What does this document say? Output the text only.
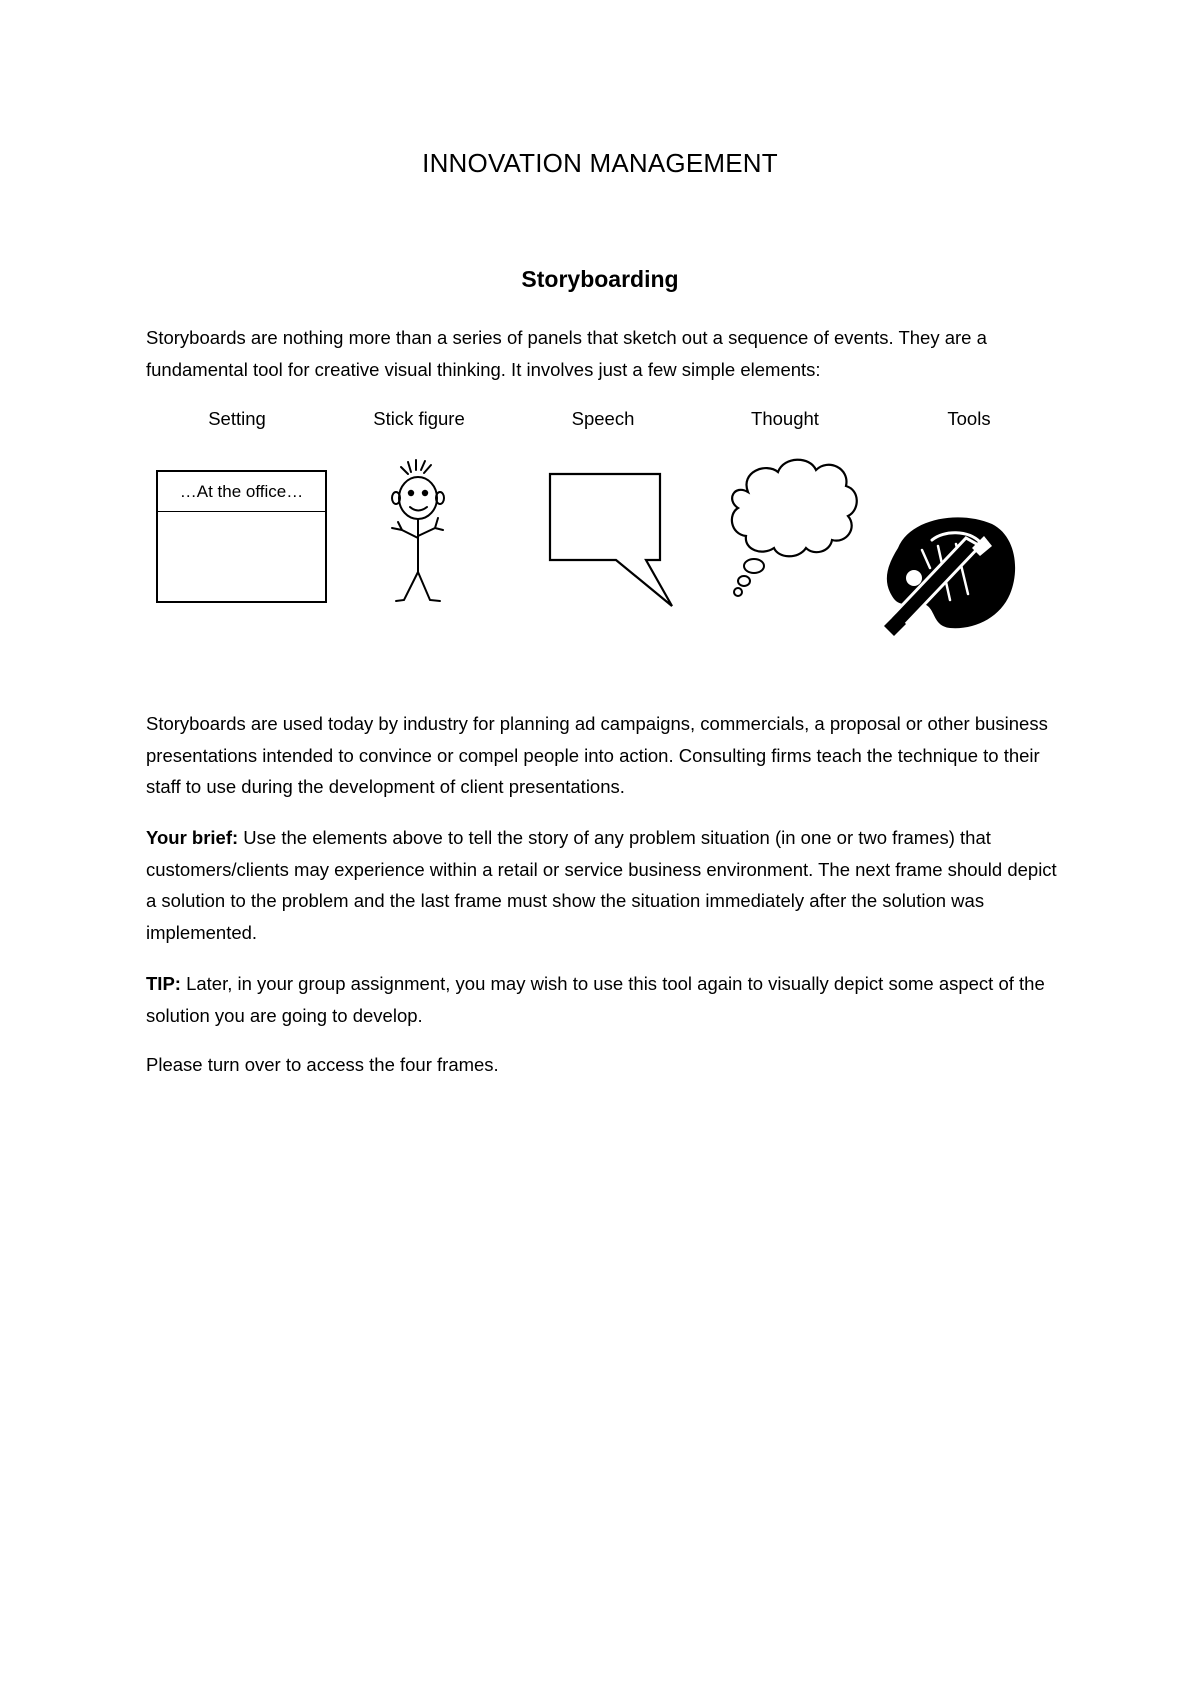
INNOVATION MANAGEMENT
Storyboarding

Storyboards are nothing more than a series of panels that sketch out a sequence of events. They are a fundamental tool for creative visual thinking. It involves just a few simple elements:

Setting	Stick figure	Speech	Thought	Tools
…At the office…

Storyboards are used today by industry for planning ad campaigns, commercials, a proposal or other business presentations intended to convince or compel people into action. Consulting firms teach the technique to their staff to use during the development of client presentations.

Your brief: Use the elements above to tell the story of any problem situation (in one or two frames) that customers/clients may experience within a retail or service business environment. The next frame should depict a solution to the problem and the last frame must show the situation immediately after the solution was implemented.

TIP: Later, in your group assignment, you may wish to use this tool again to visually depict some aspect of the solution you are going to develop.

Please turn over to access the four frames.
